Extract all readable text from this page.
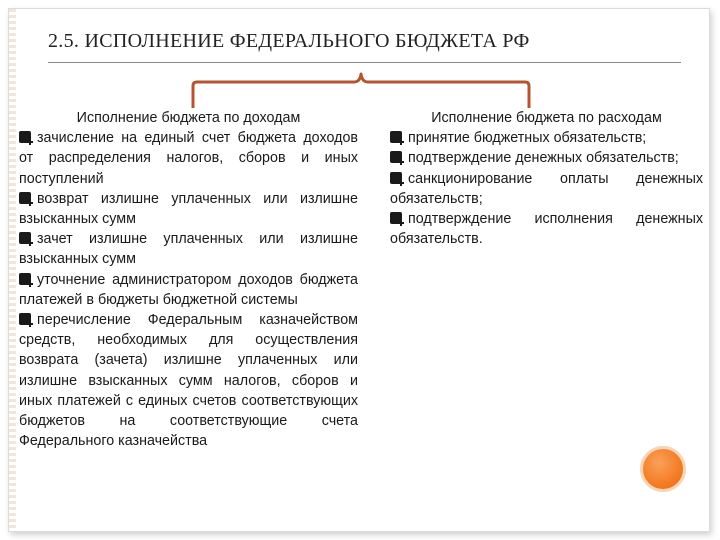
2.5. ИСПОЛНЕНИЕ ФЕДЕРАЛЬНОГО БЮДЖЕТА РФ
Исполнение бюджета по доходам
зачисление на единый счет бюджета доходов от распределения налогов, сборов и иных поступлений
возврат излишне уплаченных или излишне взысканных сумм
зачет излишне уплаченных или излишне взысканных сумм
уточнение администратором доходов бюджета платежей в бюджеты бюджетной системы
перечисление Федеральным казначейством средств, необходимых для осуществления возврата (зачета) излишне уплаченных или излишне взысканных сумм налогов, сборов и иных платежей с единых счетов соответствующих бюджетов на соответствующие счета Федерального казначейства
Исполнение бюджета по расходам
принятие бюджетных обязательств;
подтверждение денежных обязательств;
санкционирование оплаты денежных обязательств;
подтверждение исполнения денежных обязательств.
